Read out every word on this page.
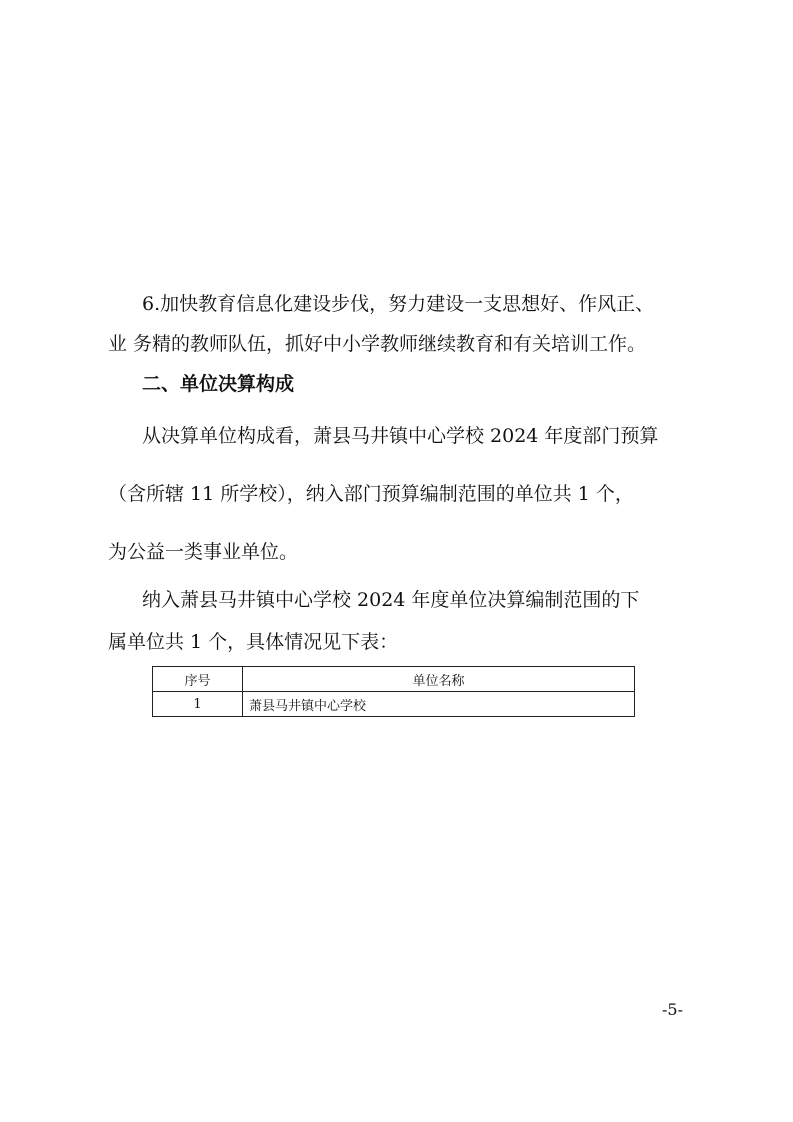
6.加快教育信息化建设步伐，努力建设一支思想好、作风正、
业 务精的教师队伍，抓好中小学教师继续教育和有关培训工作。
二、单位决算构成
从决算单位构成看，萧县马井镇中心学校 2024 年度部门预算
（含所辖 11 所学校），纳入部门预算编制范围的单位共 1 个，
为公益一类事业单位。
纳入萧县马井镇中心学校 2024 年度单位决算编制范围的下
属单位共 1 个，具体情况见下表：
序号	单位名称
1	萧县马井镇中心学校
-5-
